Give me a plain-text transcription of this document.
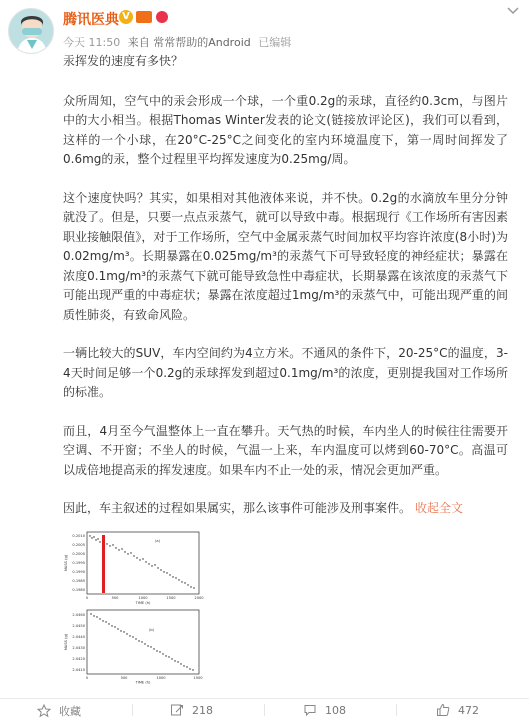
腾讯医典 V
今天 11:50 来自 常常帮助的Android 已编辑

汞挥发的速度有多快？

众所周知，空气中的汞会形成一个球，一个重0.2g的汞球，直径约0.3cm，与图片中的大小相当。根据Thomas Winter发表的论文(链接放评论区)，我们可以看到，这样的一个小球，在20°C-25°C之间变化的室内环境温度下，第一周时间挥发了0.6mg的汞，整个过程里平均挥发速度为0.25mg/周。

这个速度快吗？其实，如果相对其他液体来说，并不快。0.2g的水滴放车里分分钟就没了。但是，只要一点点汞蒸气，就可以导致中毒。根据现行《工作场所有害因素职业接触限值》，对于工作场所，空气中金属汞蒸气时间加权平均容许浓度(8小时)为0.02mg/m³。长期暴露在0.025mg/m³的汞蒸气下可导致轻度的神经症状；暴露在浓度0.1mg/m³的汞蒸气下就可能导致急性中毒症状，长期暴露在该浓度的汞蒸气下可能出现严重的中毒症状；暴露在浓度超过1mg/m³的汞蒸气中，可能出现严重的间质性肺炎，有致命风险。

一辆比较大的SUV，车内空间约为4立方米。不通风的条件下，20-25°C的温度，3-4天时间足够一个0.2g的汞球挥发到超过0.1mg/m³的浓度，更别提我国对工作场所的标准。

而且，4月至今气温整体上一直在攀升。天气热的时候，车内坐人的时候往往需要开空调、不开窗；不坐人的时候，气温一上来，车内温度可以烤到60-70°C。高温可以成倍地提高汞的挥发速度。如果车内不止一处的汞，情况会更加严重。

因此，车主叙述的过程如果属实，那么该事件可能涉及刑事案件。 收起全文

0.2010
0.2005
0.2000
0.1995
0.1990
0.1985
0.1980
0	500	1000	1500	2000
TIME (h)
MASS (g)
(a)
2.0460
2.0450
2.0440
2.0430
2.0420
2.0410
0	500	1000	1500
TIME (h)
MASS (g)
(b)
收藏	218	108	472
